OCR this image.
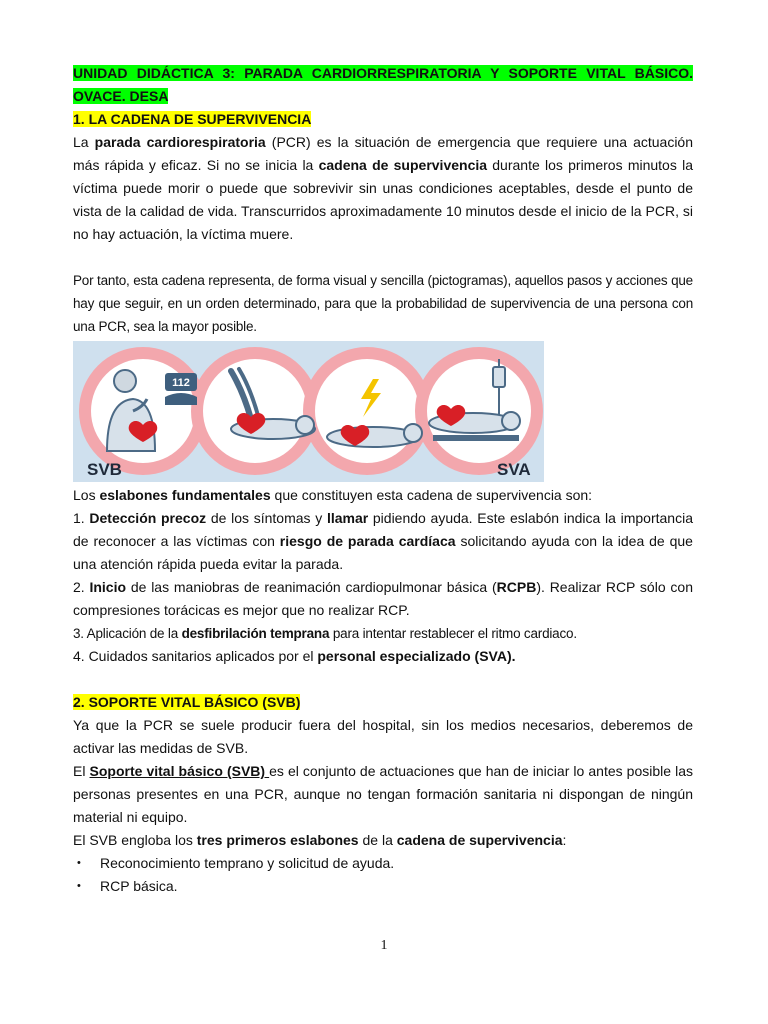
UNIDAD DIDÁCTICA 3: PARADA CARDIORRESPIRATORIA Y SOPORTE VITAL BÁSICO.

OVACE. DESA

1. LA CADENA DE SUPERVIVENCIA

La parada cardiorespiratoria (PCR) es la situación de emergencia que requiere una actuación más rápida y eficaz. Si no se inicia la cadena de supervivencia durante los primeros minutos la víctima puede morir o puede que sobrevivir sin unas condiciones aceptables, desde el punto de vista de la calidad de vida. Transcurridos aproximadamente 10 minutos desde el inicio de la PCR, si no hay actuación, la víctima muere.

Por tanto, esta cadena representa, de forma visual y sencilla (pictogramas), aquellos pasos y acciones que hay que seguir, en un orden determinado, para que la probabilidad de supervivencia de una persona con una PCR, sea la mayor posible.

112
SVB	SVA

Los eslabones fundamentales que constituyen esta cadena de supervivencia son:

1. Detección precoz de los síntomas y llamar pidiendo ayuda. Este eslabón indica la importancia de reconocer a las víctimas con riesgo de parada cardíaca solicitando ayuda con la idea de que una atención rápida pueda evitar la parada.

2. Inicio de las maniobras de reanimación cardiopulmonar básica (RCPB). Realizar RCP sólo con compresiones torácicas es mejor que no realizar RCP.

3. Aplicación de la desfibrilación temprana para intentar restablecer el ritmo cardiaco.

4. Cuidados sanitarios aplicados por el personal especializado (SVA).

2. SOPORTE VITAL BÁSICO (SVB)

Ya que la PCR se suele producir fuera del hospital, sin los medios necesarios, deberemos de activar las medidas de SVB.

El Soporte vital básico (SVB) es el conjunto de actuaciones que han de iniciar lo antes posible las personas presentes en una PCR, aunque no tengan formación sanitaria ni dispongan de ningún material ni equipo.

El SVB engloba los tres primeros eslabones de la cadena de supervivencia:

• Reconocimiento temprano y solicitud de ayuda.
• RCP básica.
1
